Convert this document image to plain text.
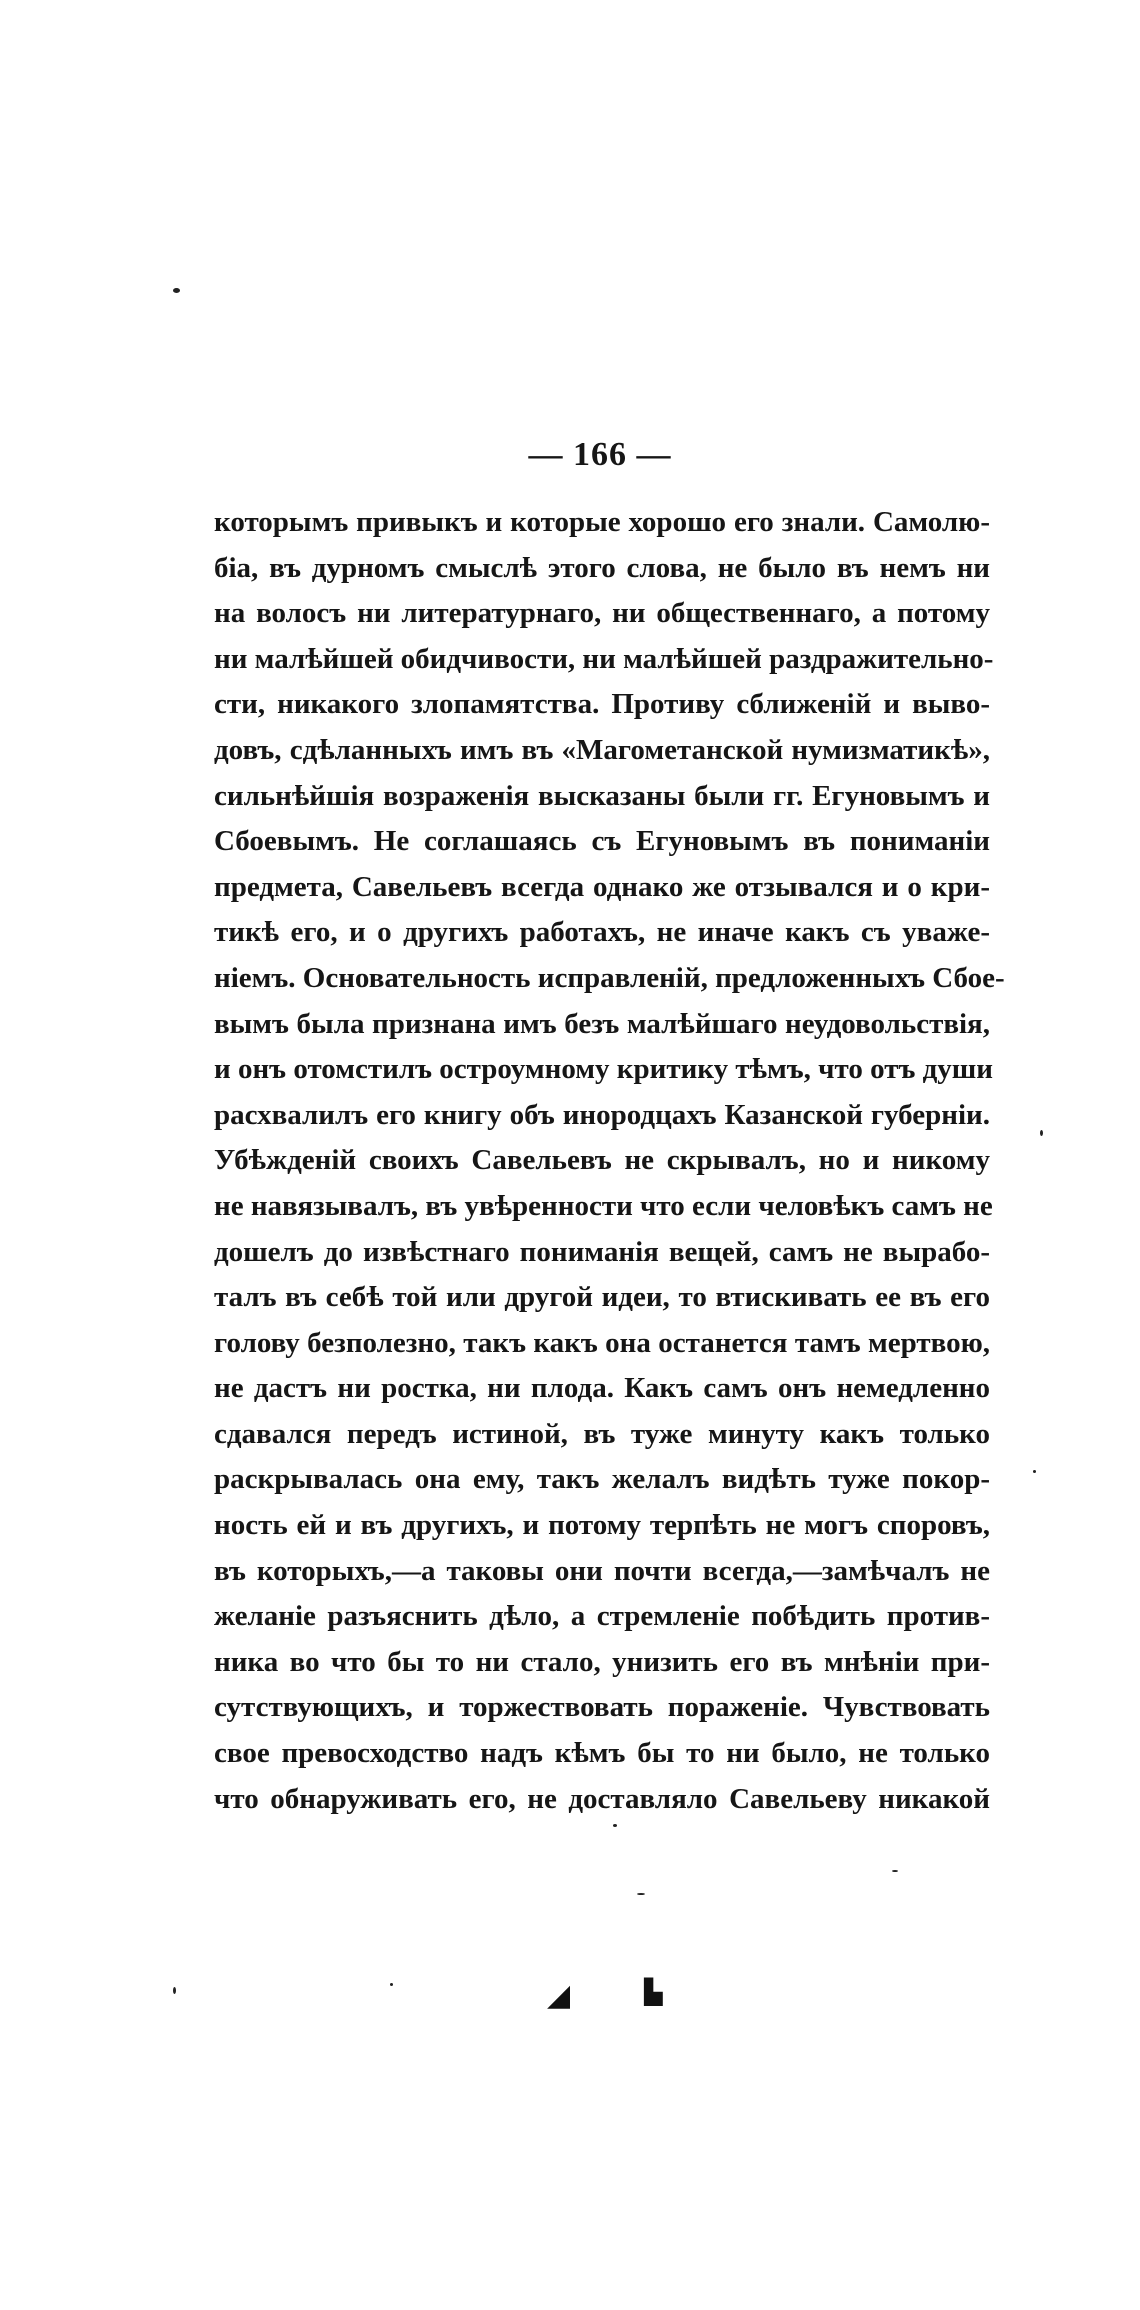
— 166 —
которымъ привыкъ и которые хорошо его знали. Самолю-
біа, въ дурномъ смыслѣ этого слова, не было въ немъ ни
на волосъ ни литературнаго, ни общественнаго, а потому
ни малѣйшей обидчивости, ни малѣйшей раздражительно-
сти, никакого злопамятства. Противу сближеній и выво-
довъ, сдѣланныхъ имъ въ «Магометанской нумизматикѣ»,
сильнѣйшія возраженія высказаны были гг. Егуновымъ и
Сбоевымъ. Не соглашаясь съ Егуновымъ въ пониманіи
предмета, Савельевъ всегда однако же отзывался и о кри-
тикѣ его, и о другихъ работахъ, не иначе какъ съ уваже-
ніемъ. Основательность исправленій, предложенныхъ Сбое-
вымъ была признана имъ безъ малѣйшаго неудовольствія,
и онъ отомстилъ остроумному критику тѣмъ, что отъ души
расхвалилъ его книгу объ инородцахъ Казанской губерніи.
Убѣжденій своихъ Савельевъ не скрывалъ, но и никому
не навязывалъ, въ увѣренности что если человѣкъ самъ не
дошелъ до извѣстнаго пониманія вещей, самъ не вырабо-
талъ въ себѣ той или другой идеи, то втискивать ее въ его
голову безполезно, такъ какъ она останется тамъ мертвою,
не дастъ ни ростка, ни плода. Какъ самъ онъ немедленно
сдавался передъ истиной, въ туже минуту какъ только
раскрывалась она ему, такъ желалъ видѣть туже покор-
ность ей и въ другихъ, и потому терпѣть не могъ споровъ,
въ которыхъ,—а таковы они почти всегда,—замѣчалъ не
желаніе разъяснить дѣло, а стремленіе побѣдить против-
ника во что бы то ни стало, унизить его въ мнѣніи при-
сутствующихъ, и торжествовать пораженіе. Чувствовать
свое превосходство надъ кѣмъ бы то ни было, не только
что обнаруживать его, не доставляло Савельеву никакой
◢	▙
